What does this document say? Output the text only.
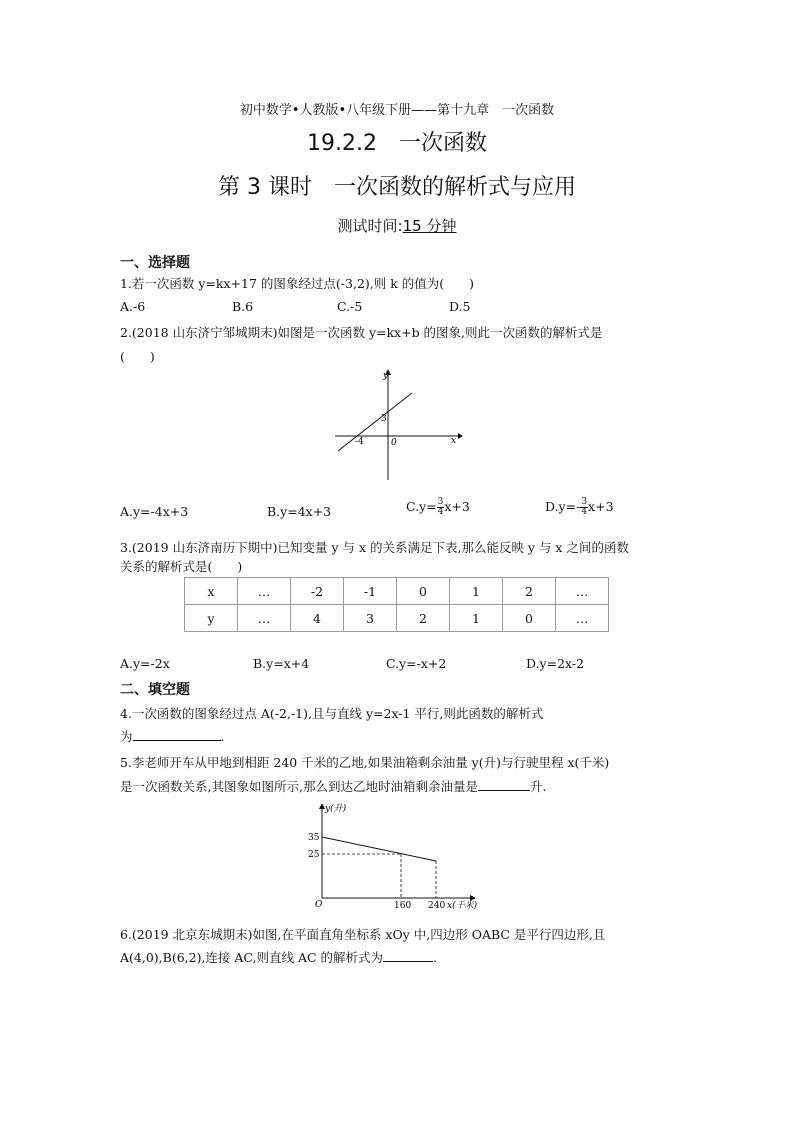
初中数学•人教版•八年级下册——第十九章　一次函数
19.2.2　一次函数
第 3 课时　一次函数的解析式与应用
测试时间:15 分钟
一、选择题
1.若一次函数 y=kx+17 的图象经过点(-3,2),则 k 的值为(　　)
A.-6	B.6	C.-5	D.5
2.(2018 山东济宁邹城期末)如图是一次函数 y=kx+b 的图象,则此一次函数的解析式是
(　　)
y
x
0
3
-4
A.y=-4x+3	B.y=4x+3	$C.y= \frac{3}{4} x+3$	$D.y=- \frac{3}{4} x+3$
3.(2019 山东济南历下期中)已知变量 y 与 x 的关系满足下表,那么能反映 y 与 x 之间的函数
关系的解析式是(　　)
x	…	-2	-1	0	1	2	…
y	…	4	3	2	1	0	…
A.y=-2x	B.y=x+4	C.y=-x+2	D.y=2x-2
二、填空题
4.一次函数的图象经过点 A(-2,-1),且与直线 y=2x-1 平行,则此函数的解析式
为	.
5.李老师开车从甲地到相距 240 千米的乙地,如果油箱剩余油量 y(升)与行驶里程 x(千米)
是一次函数关系,其图象如图所示,那么到达乙地时油箱剩余油量是	升.
y(升)
x(千米)
O
35
25
160 240
6.(2019 北京东城期末)如图,在平面直角坐标系 xOy 中,四边形 OABC 是平行四边形,且
A(4,0),B(6,2),连接 AC,则直线 AC 的解析式为	.
